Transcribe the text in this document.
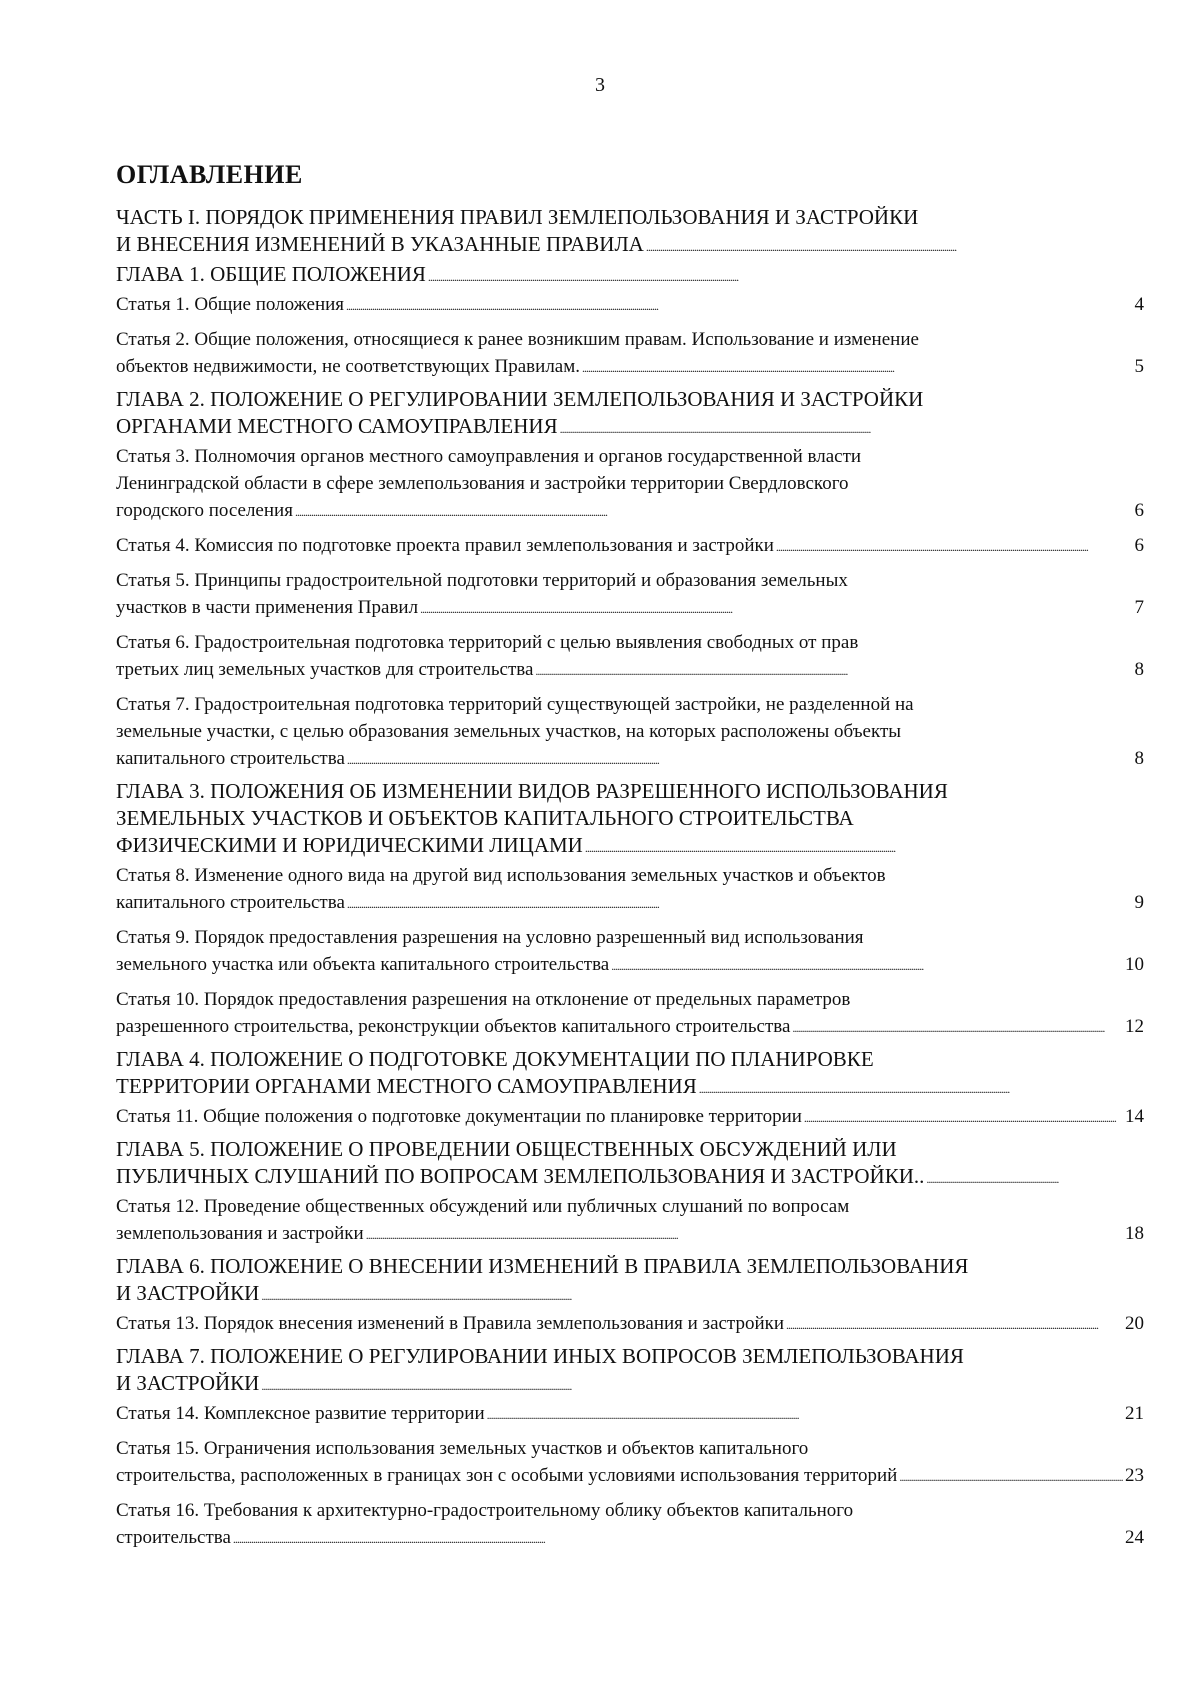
3
ОГЛАВЛЕНИЕ
ЧАСТЬ I. ПОРЯДОК ПРИМЕНЕНИЯ ПРАВИЛ ЗЕМЛЕПОЛЬЗОВАНИЯ И ЗАСТРОЙКИ
И ВНЕСЕНИЯ ИЗМЕНЕНИЙ В УКАЗАННЫЕ ПРАВИЛА
. . .
ГЛАВА 1. ОБЩИЕ ПОЛОЖЕНИЯ
. . .
Статья 1. Общие положения . . .	4
Статья 2. Общие положения, относящиеся к ранее возникшим правам. Использование и изменение
объектов недвижимости, не соответствующих Правилам. . . .	5
ГЛАВА 2. ПОЛОЖЕНИЕ О РЕГУЛИРОВАНИИ ЗЕМЛЕПОЛЬЗОВАНИЯ И ЗАСТРОЙКИ
ОРГАНАМИ МЕСТНОГО САМОУПРАВЛЕНИЯ
. . .
Статья 3. Полномочия органов местного самоуправления и органов государственной власти
Ленинградской области в сфере землепользования и застройки территории Свердловского
городского поселения . . .	6
Статья 4. Комиссия по подготовке проекта правил землепользования и застройки . . .	6
Статья 5. Принципы градостроительной подготовки территорий и образования земельных
участков в части применения Правил . . .	7
Статья 6. Градостроительная подготовка территорий с целью выявления свободных от прав
третьих лиц земельных участков для строительства . . .	8
Статья 7. Градостроительная подготовка территорий существующей застройки, не разделенной на
земельные участки, с целью образования земельных участков, на которых расположены объекты
капитального строительства . . .	8
ГЛАВА 3. ПОЛОЖЕНИЯ ОБ ИЗМЕНЕНИИ ВИДОВ РАЗРЕШЕННОГО ИСПОЛЬЗОВАНИЯ
ЗЕМЕЛЬНЫХ УЧАСТКОВ И ОБЪЕКТОВ КАПИТАЛЬНОГО СТРОИТЕЛЬСТВА
ФИЗИЧЕСКИМИ И ЮРИДИЧЕСКИМИ ЛИЦАМИ
. . .
Статья 8. Изменение одного вида на другой вид использования земельных участков и объектов
капитального строительства . . .	9
Статья 9. Порядок предоставления разрешения на условно разрешенный вид использования
земельного участка или объекта капитального строительства . . .	10
Статья 10. Порядок предоставления разрешения на отклонение от предельных параметров
разрешенного строительства, реконструкции объектов капитального строительства . . .	12
ГЛАВА 4. ПОЛОЖЕНИЕ О ПОДГОТОВКЕ ДОКУМЕНТАЦИИ ПО ПЛАНИРОВКЕ
ТЕРРИТОРИИ ОРГАНАМИ МЕСТНОГО САМОУПРАВЛЕНИЯ
. . .
Статья 11. Общие положения о подготовке документации по планировке территории . . .	14
ГЛАВА 5. ПОЛОЖЕНИЕ О ПРОВЕДЕНИИ ОБЩЕСТВЕННЫХ ОБСУЖДЕНИЙ ИЛИ
ПУБЛИЧНЫХ СЛУШАНИЙ ПО ВОПРОСАМ ЗЕМЛЕПОЛЬЗОВАНИЯ И ЗАСТРОЙКИ..
. . .
Статья 12. Проведение общественных обсуждений или публичных слушаний по вопросам
землепользования и застройки . . .	18
ГЛАВА 6. ПОЛОЖЕНИЕ О ВНЕСЕНИИ ИЗМЕНЕНИЙ В ПРАВИЛА ЗЕМЛЕПОЛЬЗОВАНИЯ
И ЗАСТРОЙКИ
. . .
Статья 13. Порядок внесения изменений в Правила землепользования и застройки . . .	20
ГЛАВА 7. ПОЛОЖЕНИЕ О РЕГУЛИРОВАНИИ ИНЫХ ВОПРОСОВ ЗЕМЛЕПОЛЬЗОВАНИЯ
И ЗАСТРОЙКИ
. . .
Статья 14. Комплексное развитие территории . . .	21
Статья 15. Ограничения использования земельных участков и объектов капитального
строительства, расположенных в границах зон с особыми условиями использования территорий . . .	23
Статья 16. Требования к архитектурно-градостроительному облику объектов капитального
строительства . . .	24
